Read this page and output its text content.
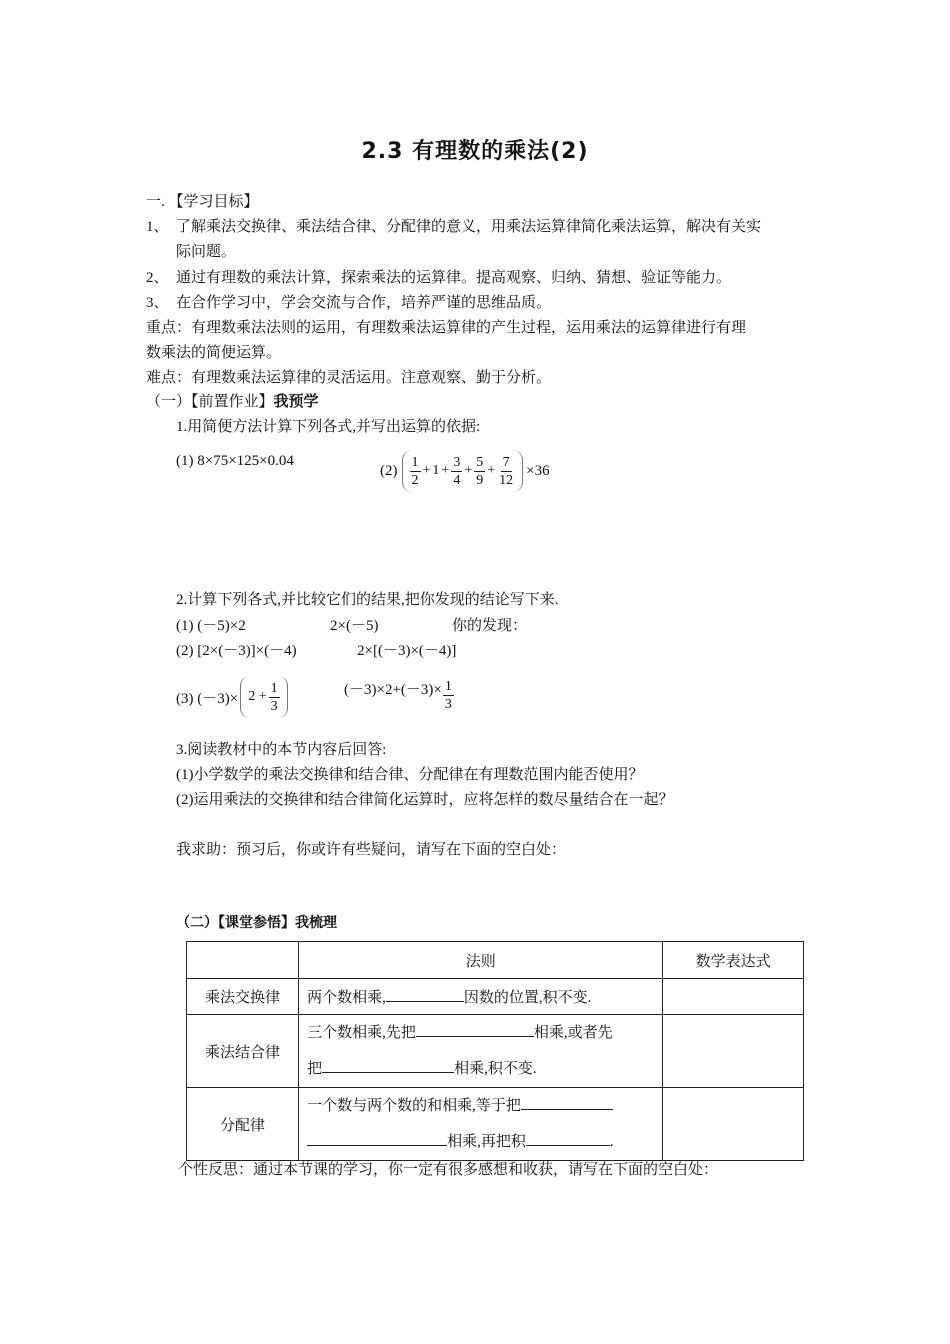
2.3 有理数的乘法(2)
一. 【学习目标】
1、 了解乘法交换律、乘法结合律、分配律的意义，用乘法运算律简化乘法运算，解决有关实
际问题。
2、 通过有理数的乘法计算，探索乘法的运算律。提高观察、归纳、猜想、验证等能力。
3、 在合作学习中，学会交流与合作，培养严谨的思维品质。
重点：有理数乘法法则的运用，有理数乘法运算律的产生过程，运用乘法的运算律进行有理
数乘法的简便运算。
难点：有理数乘法运算律的灵活运用。注意观察、勤于分析。
（一）【前置作业】我预学
1.用简便方法计算下列各式,并写出运算的依据:
(1) 8×75×125×0.04
$(2) \frac{1}{2} + 1 + \frac{3}{4} + \frac{5}{9} + \frac{7}{12} \times 36$
2.计算下列各式,并比较它们的结果,把你发现的结论写下来.
(1) (－5)×2	2×(－5)	你的发现：
(2) [2×(－3)]×(－4)	2×[(－3)×(－4)]
(3) $(-3)\times 2 + \frac{1}{3}$	$(-3)\times 2+(-3)\times \frac{1}{3}$
3.阅读教材中的本节内容后回答:
(1)小学数学的乘法交换律和结合律、分配律在有理数范围内能否使用？
(2)运用乘法的交换律和结合律简化运算时，应将怎样的数尽量结合在一起？
我求助：预习后，你或许有些疑问，请写在下面的空白处：
（二）【课堂参悟】我梳理
	法则	数学表达式
乘法交换律	两个数相乘, 因数的位置,积不变.	
乘法结合律	三个数相乘,先把 相乘,或者先
把 相乘,积不变.	
分配律	一个数与两个数的和相乘,等于把
相乘,再把积 .	
个性反思：通过本节课的学习，你一定有很多感想和收获，请写在下面的空白处：
